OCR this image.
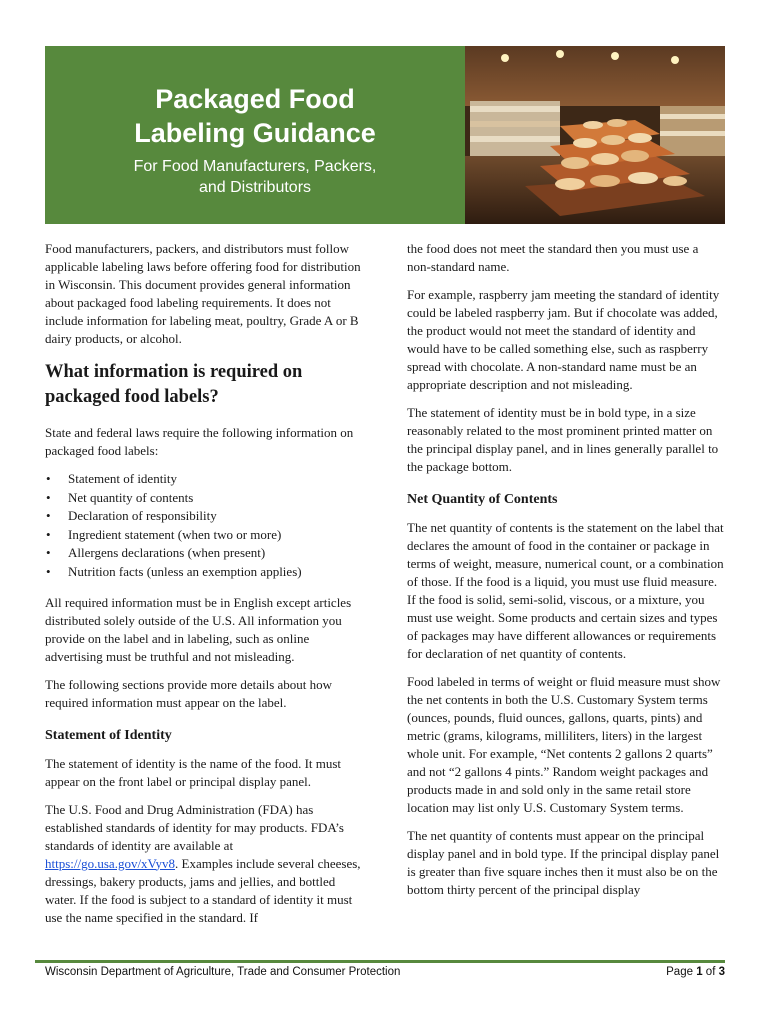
Packaged Food
Labeling Guidance
For Food Manufacturers, Packers,
and Distributors

Food manufacturers, packers, and distributors must follow applicable labeling laws before offering food for distribution in Wisconsin. This document provides general information about packaged food labeling requirements. It does not include information for labeling meat, poultry, Grade A or B dairy products, or alcohol.

What information is required on packaged food labels?

State and federal laws require the following information on packaged food labels:

• Statement of identity
• Net quantity of contents
• Declaration of responsibility
• Ingredient statement (when two or more)
• Allergens declarations (when present)
• Nutrition facts (unless an exemption applies)

All required information must be in English except articles distributed solely outside of the U.S. All information you provide on the label and in labeling, such as online advertising must be truthful and not misleading.

The following sections provide more details about how required information must appear on the label.

Statement of Identity

The statement of identity is the name of the food. It must appear on the front label or principal display panel.

The U.S. Food and Drug Administration (FDA) has established standards of identity for may products. FDA’s standards of identity are available at https://go.usa.gov/xVyv8. Examples include several cheeses, dressings, bakery products, jams and jellies, and bottled water. If the food is subject to a standard of identity it must use the name specified in the standard. If

the food does not meet the standard then you must use a non-standard name.

For example, raspberry jam meeting the standard of identity could be labeled raspberry jam. But if chocolate was added, the product would not meet the standard of identity and would have to be called something else, such as raspberry spread with chocolate. A non-standard name must be an appropriate description and not misleading.

The statement of identity must be in bold type, in a size reasonably related to the most prominent printed matter on the principal display panel, and in lines generally parallel to the package bottom.

Net Quantity of Contents

The net quantity of contents is the statement on the label that declares the amount of food in the container or package in terms of weight, measure, numerical count, or a combination of those. If the food is a liquid, you must use fluid measure. If the food is solid, semi-solid, viscous, or a mixture, you must use weight. Some products and certain sizes and types of packages may have different allowances or requirements for declaration of net quantity of contents.

Food labeled in terms of weight or fluid measure must show the net contents in both the U.S. Customary System terms (ounces, pounds, fluid ounces, gallons, quarts, pints) and metric (grams, kilograms, milliliters, liters) in the largest whole unit. For example, “Net contents 2 gallons 2 quarts” and not “2 gallons 4 pints.” Random weight packages and products made in and sold only in the same retail store location may list only U.S. Customary System terms.

The net quantity of contents must appear on the principal display panel and in bold type. If the principal display panel is greater than five square inches then it must also be on the bottom thirty percent of the principal display

Wisconsin Department of Agriculture, Trade and Consumer Protection	Page 1 of 3
